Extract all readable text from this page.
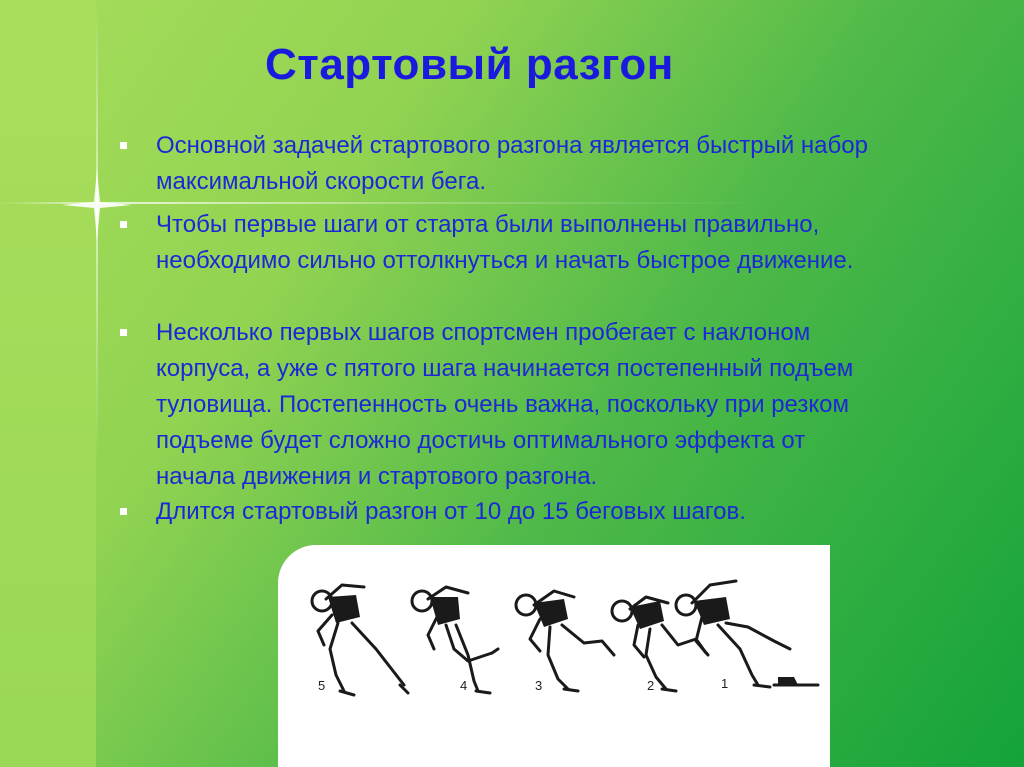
Стартовый разгон
Основной задачей стартового разгона является быстрый набор максимальной скорости бега.
Чтобы первые шаги от старта были выполнены правильно, необходимо сильно оттолкнуться и начать быстрое движение.
Несколько первых шагов спортсмен пробегает с наклоном корпуса, а уже с пятого шага начинается постепенный подъем туловища. Постепенность очень важна, поскольку при резком подъеме будет сложно достичь оптимального эффекта от начала движения и стартового разгона.
Длится стартовый разгон от 10 до 15 беговых шагов.
5	4	3	2	1
